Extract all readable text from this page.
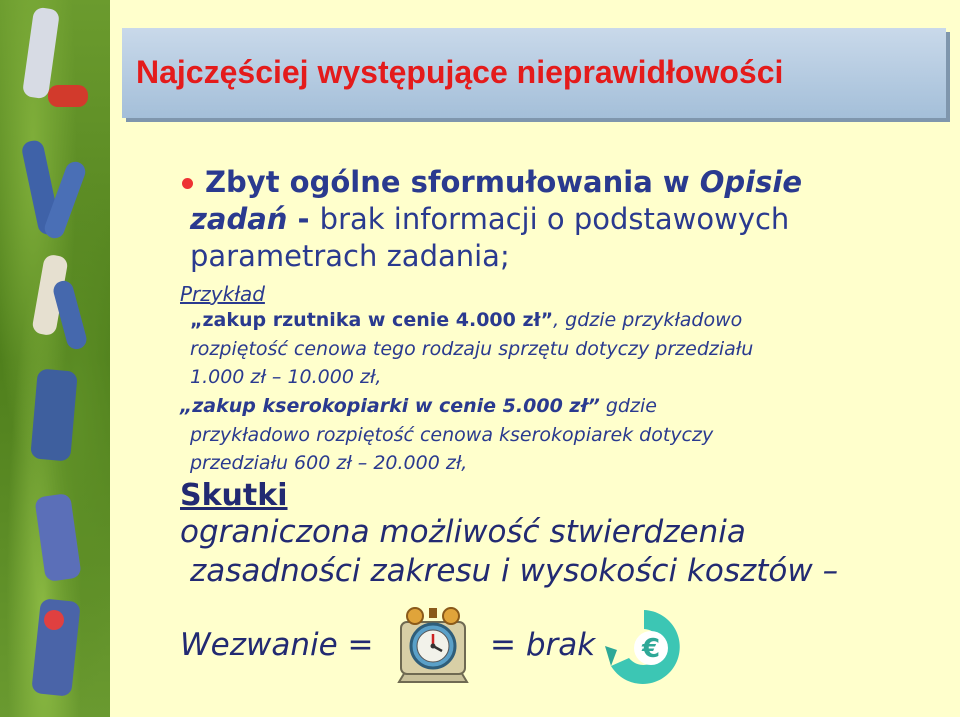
Najczęściej występujące nieprawidłowości
Zbyt ogólne sformułowania w Opisie
zadań - brak informacji o podstawowych
parametrach zadania;
Przykład
„zakup rzutnika w cenie 4.000 zł”, gdzie przykładowo
rozpiętość cenowa tego rodzaju sprzętu dotyczy przedziału
1.000 zł – 10.000 zł,
„zakup kserokopiarki w cenie 5.000 zł” gdzie
przykładowo rozpiętość cenowa kserokopiarek dotyczy
przedziału 600 zł – 20.000 zł,
Skutki
ograniczona możliwość stwierdzenia
zasadności zakresu i wysokości kosztów –
Wezwanie =	= brak €
